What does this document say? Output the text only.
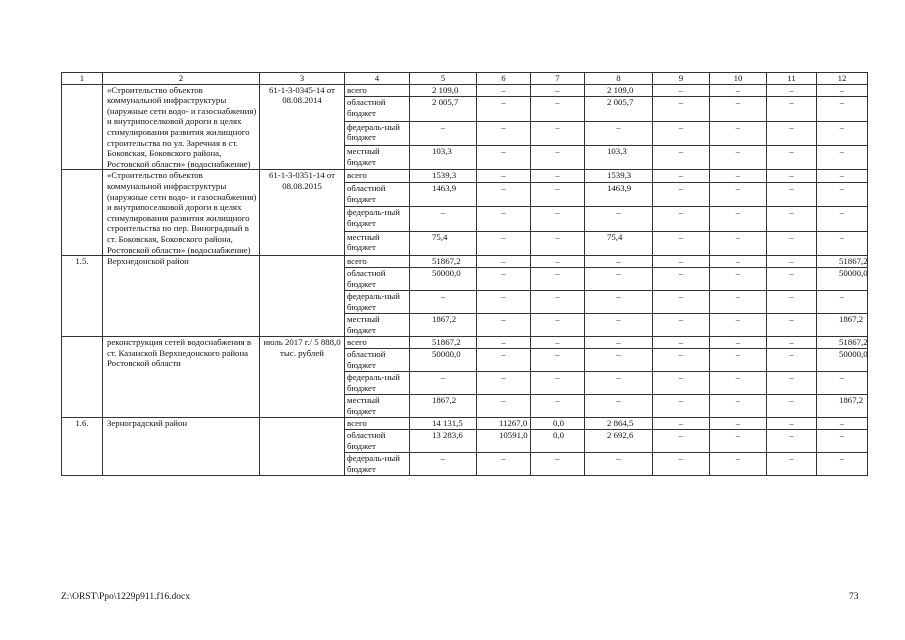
1	2	3	4	5	6	7	8	9	10	11	12
	«Строительство объектов коммунальной инфраструктуры (наружные сети водо- и газоснабжения) и внутрипоселковой дороги в целях стимулирования развития жилищного строительства по ул. Заречная в ст. Боковская, Боковского района, Ростовской области» (водоснабжение)	61-1-3-0345-14 от 08.08.2014	всего	2 109,0	–	–	2 109,0	–	–	–	–
			областной бюджет	2 005,7	–	–	2 005,7	–	–	–	–
			федераль-ный бюджет	–	–	–	–	–	–	–	–
			местный бюджет	103,3	–	–	103,3	–	–	–	–
	«Строительство объектов коммунальной инфраструктуры (наружные сети водо- и газоснабжения) и внутрипоселковой дороги в целях стимулирования развития жилищного строительства по пер. Виноградный в ст. Боковская, Боковского района, Ростовской области» (водоснабжение)	61-1-3-0351-14 от 08.08.2015	всего	1539,3	–	–	1539,3	–	–	–	–
			областной бюджет	1463,9	–	–	1463,9	–	–	–	–
			федераль-ный бюджет	–	–	–	–	–	–	–	–
			местный бюджет	75,4	–	–	75,4	–	–	–	–
1.5.	Верхнедонской район		всего	51867,2	–	–	–	–	–	–	51867,2
			областной бюджет	50000,0	–	–	–	–	–	–	50000,0
			федераль-ный бюджет	–	–	–	–	–	–	–	–
			местный бюджет	1867,2	–	–	–	–	–	–	1867,2
	реконструкция сетей водоснабжения в ст. Казанской Верхнедонского района Ростовской области	июль 2017 г./ 5 888,0 тыс. рублей	всего	51867,2	–	–	–	–	–	–	51867,2
			областной бюджет	50000,0	–	–	–	–	–	–	50000,0
			федераль-ный бюджет	–	–	–	–	–	–	–	–
			местный бюджет	1867,2	–	–	–	–	–	–	1867,2
1.6.	Зерноградский район		всего	14 131,5	11267,0	0,0	2 864,5	–	–	–	–
			областной бюджет	13 283,6	10591,0	0,0	2 692,6	–	–	–	–
			федераль-ный бюджет	–	–	–	–	–	–	–	–
Z:\ORST\Ppo\1229p911.f16.docx	73
